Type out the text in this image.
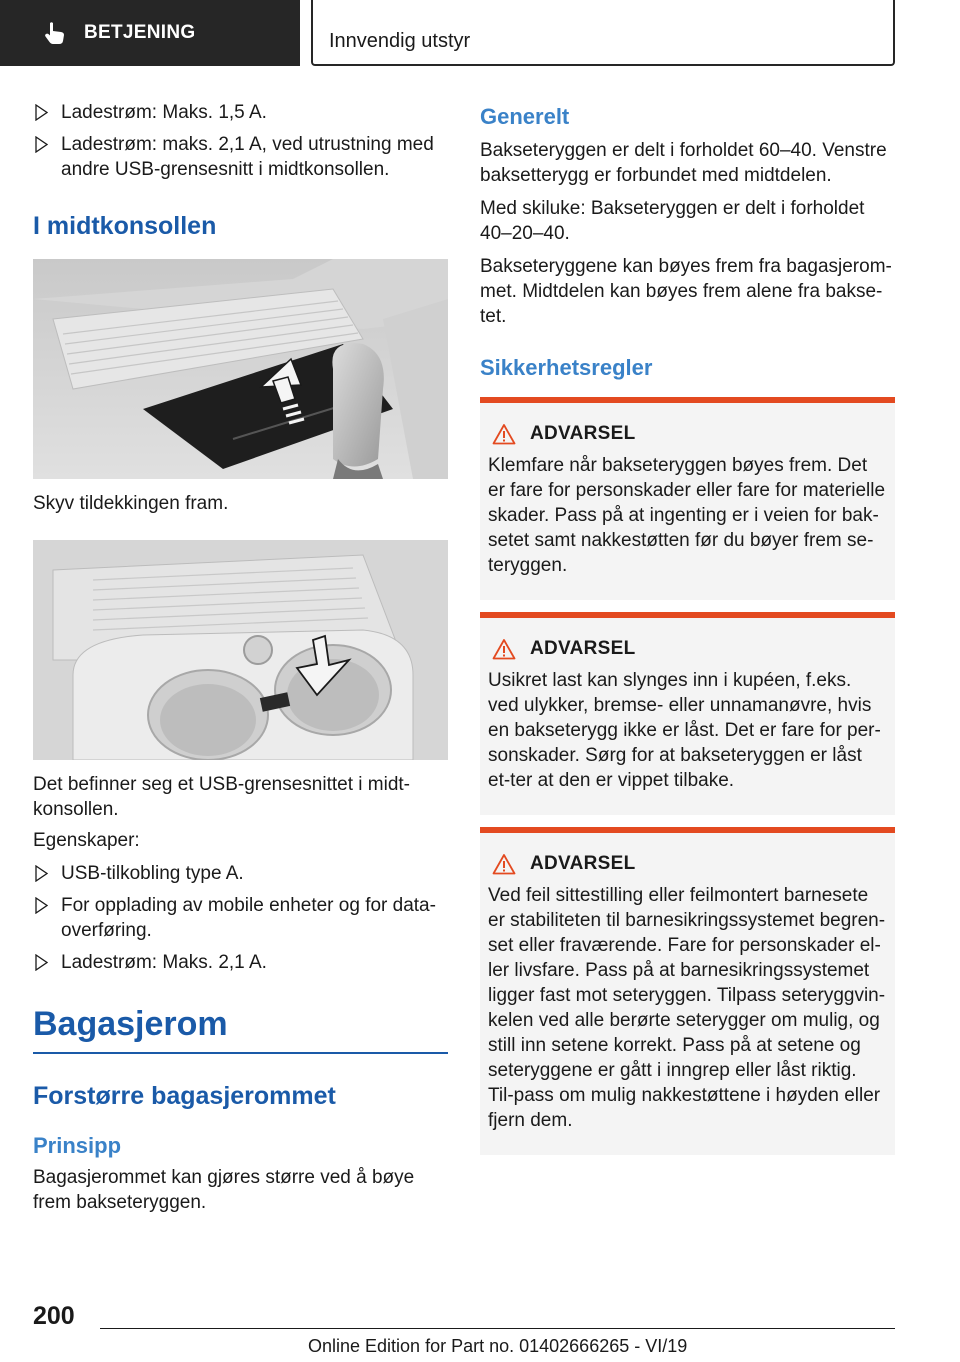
BETJENING	Innvendig utstyr
Ladestrøm: Maks. 1,5 A.
Ladestrøm: maks. 2,1 A, ved utrustning med andre USB-grensesnitt i midtkonsollen.
I midtkonsollen

Skyv tildekkingen fram.

Det befinner seg et USB-grensesnittet i midt-konsollen.

Egenskaper:

USB-tilkobling type A.
For opplading av mobile enheter og for data-overføring.
Ladestrøm: Maks. 2,1 A.
Bagasjerom
Forstørre bagasjerommet
Prinsipp

Bagasjerommet kan gjøres større ved å bøye frem bakseteryggen.

Generelt

Bakseteryggen er delt i forholdet 60–40. Venstre baksetterygg er forbundet med midtdelen.

Med skiluke: Bakseteryggen er delt i forholdet 40–20–40.

Bakseteryggene kan bøyes frem fra bagasjerom-met. Midtdelen kan bøyes frem alene fra bakse-tet.

Sikkerhetsregler
ADVARSEL

Klemfare når bakseteryggen bøyes frem. Det er fare for personskader eller fare for materielle skader. Pass på at ingenting er i veien for bak-setet samt nakkestøtten før du bøyer frem se-teryggen.

ADVARSEL

Usikret last kan slynges inn i kupéen, f.eks. ved ulykker, bremse- eller unnamanøvre, hvis en bakseterygg ikke er låst. Det er fare for per-sonskader. Sørg for at bakseteryggen er låst et-ter at den er vippet tilbake.

ADVARSEL

Ved feil sittestilling eller feilmontert barnesete er stabiliteten til barnesikringssystemet begren-set eller fraværende. Fare for personskader el-ler livsfare. Pass på at barnesikringssystemet ligger fast mot seteryggen. Tilpass seteryggvin-kelen ved alle berørte seterygger om mulig, og still inn setene korrekt. Pass på at setene og seteryggene er gått i inngrep eller låst riktig. Til-pass om mulig nakkestøttene i høyden eller fjern dem.

200
Online Edition for Part no. 01402666265 - VI/19
